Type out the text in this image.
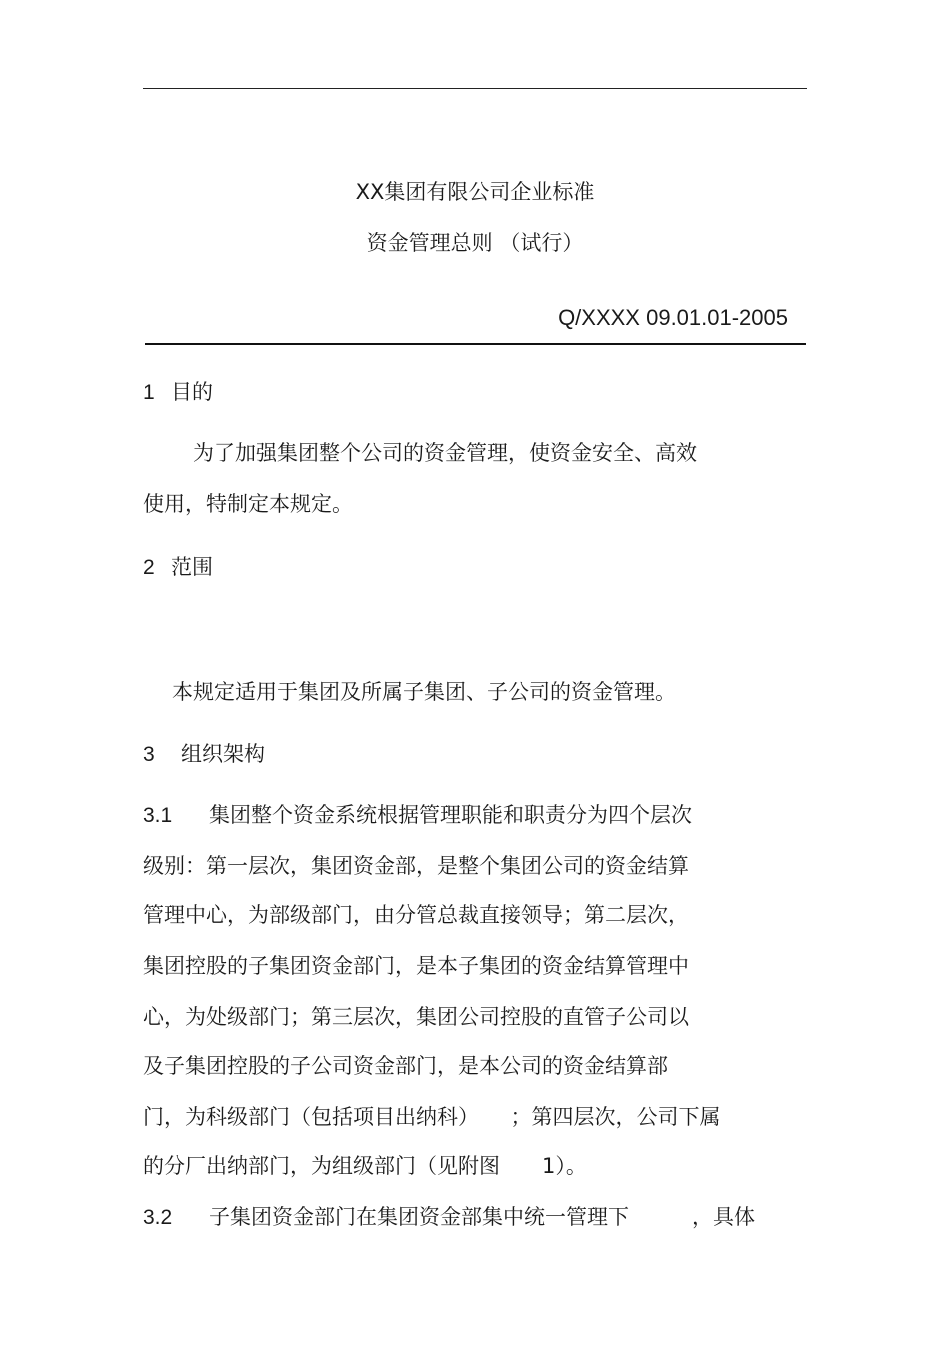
XX集团有限公司企业标准
资金管理总则 （试行）
Q/XXXX 09.01.01-2005
1 目的
为了加强集团整个公司的资金管理，使资金安全、高效
使用，特制定本规定。
2 范围
本规定适用于集团及所属子集团、子公司的资金管理。
3 组织架构
3.1 集团整个资金系统根据管理职能和职责分为四个层次
级别：第一层次，集团资金部，是整个集团公司的资金结算
管理中心，为部级部门，由分管总裁直接领导；第二层次，
集团控股的子集团资金部门，是本子集团的资金结算管理中
心，为处级部门；第三层次，集团公司控股的直管子公司以
及子集团控股的子公司资金部门，是本公司的资金结算部
门，为科级部门（包括项目出纳科）　　；第四层次，公司下属
的分厂出纳部门，为组级部门（见附图　　1）。
3.2 子集团资金部门在集团资金部集中统一管理下　　　，具体
